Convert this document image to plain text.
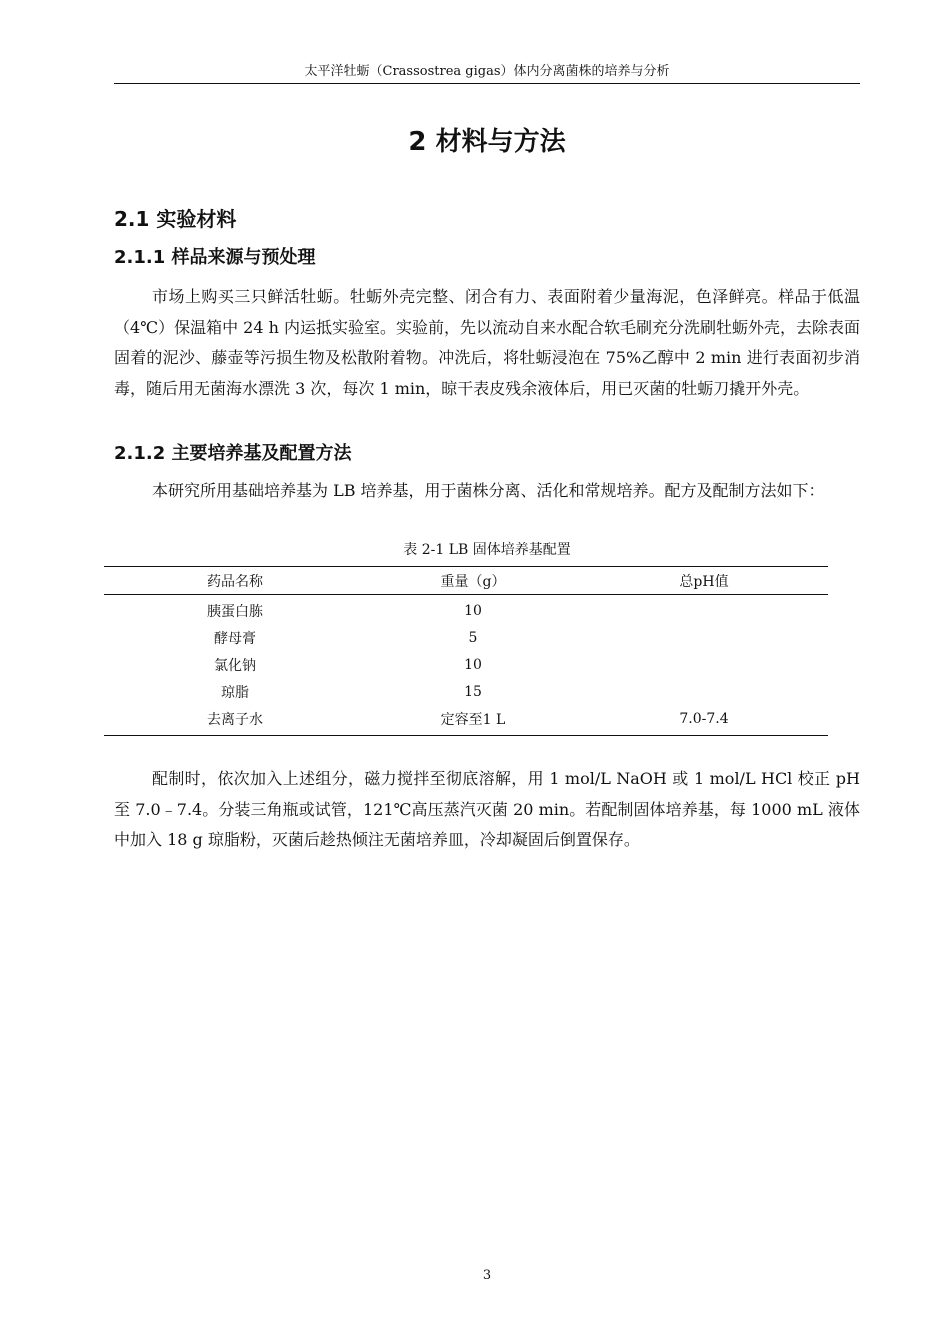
太平洋牡蛎（Crassostrea gigas）体内分离菌株的培养与分析
2 材料与方法
2.1 实验材料
2.1.1 样品来源与预处理

市场上购买三只鲜活牡蛎。牡蛎外壳完整、闭合有力、表面附着少量海泥，色泽鲜亮。样品于低温（4℃）保温箱中 24 h 内运抵实验室。实验前，先以流动自来水配合软毛刷充分洗刷牡蛎外壳，去除表面固着的泥沙、藤壶等污损生物及松散附着物。冲洗后，将牡蛎浸泡在 75%乙醇中 2 min 进行表面初步消毒，随后用无菌海水漂洗 3 次，每次 1 min，晾干表皮残余液体后，用已灭菌的牡蛎刀撬开外壳。

2.1.2 主要培养基及配置方法

本研究所用基础培养基为 LB 培养基，用于菌株分离、活化和常规培养。配方及配制方法如下：

表 2-1 LB 固体培养基配置
药品名称	重量（g）	总pH值
胰蛋白胨	10	
酵母膏	5	
氯化钠	10	
琼脂	15	
去离子水	定容至1 L	7.0-7.4

配制时，依次加入上述组分，磁力搅拌至彻底溶解，用 1 mol/L NaOH 或 1 mol/L HCl 校正 pH 至 7.0﹣7.4。分装三角瓶或试管，121℃高压蒸汽灭菌 20 min。若配制固体培养基，每 1000 mL 液体中加入 18 g 琼脂粉，灭菌后趁热倾注无菌培养皿，冷却凝固后倒置保存。

3
